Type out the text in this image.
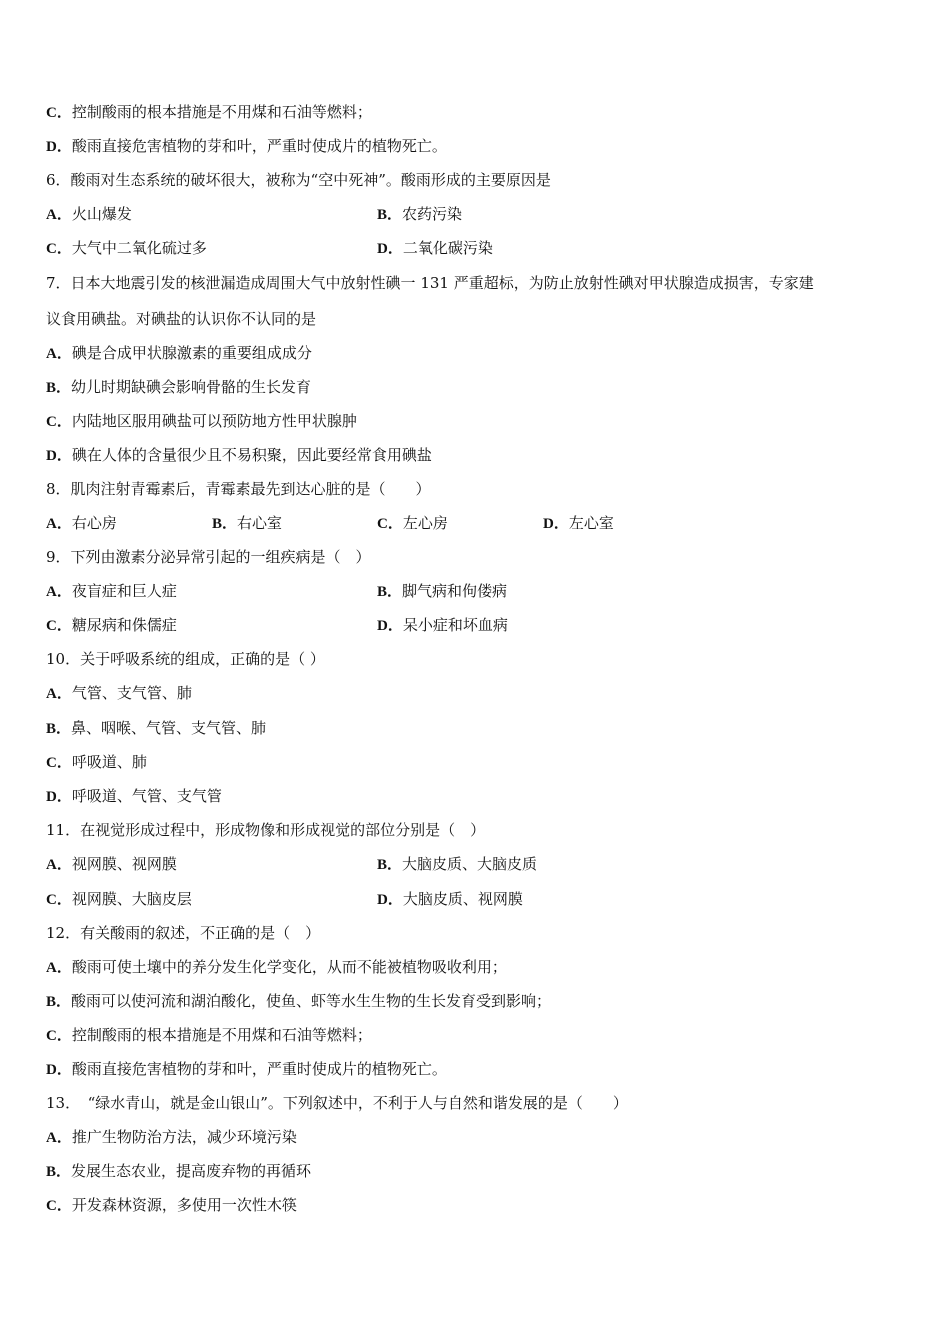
C．控制酸雨的根本措施是不用煤和石油等燃料；
D．酸雨直接危害植物的芽和叶，严重时使成片的植物死亡。
6．酸雨对生态系统的破坏很大，被称为“空中死神”。酸雨形成的主要原因是
A．火山爆发	B．农药污染
C．大气中二氧化硫过多	D．二氧化碳污染
7．日本大地震引发的核泄漏造成周围大气中放射性碘一 131 严重超标，为防止放射性碘对甲状腺造成损害，专家建
议食用碘盐。对碘盐的认识你不认同的是
A．碘是合成甲状腺激素的重要组成成分
B．幼儿时期缺碘会影响骨骼的生长发育
C．内陆地区服用碘盐可以预防地方性甲状腺肿
D．碘在人体的含量很少且不易积聚，因此要经常食用碘盐
8．肌肉注射青霉素后，青霉素最先到达心脏的是（　　）
A．右心房	B．右心室	C．左心房	D．左心室
9．下列由激素分泌异常引起的一组疾病是（　）
A．夜盲症和巨人症	B．脚气病和佝偻病
C．糖尿病和侏儒症	D．呆小症和坏血病
10．关于呼吸系统的组成，正确的是（ ）
A．气管、支气管、肺
B．鼻、咽喉、气管、支气管、肺
C．呼吸道、肺
D．呼吸道、气管、支气管
11．在视觉形成过程中，形成物像和形成视觉的部位分别是（　）
A．视网膜、视网膜	B．大脑皮质、大脑皮质
C．视网膜、大脑皮层	D．大脑皮质、视网膜
12．有关酸雨的叙述，不正确的是（　）
A．酸雨可使土壤中的养分发生化学变化，从而不能被植物吸收利用；
B．酸雨可以使河流和湖泊酸化，使鱼、虾等水生生物的生长发育受到影响；
C．控制酸雨的根本措施是不用煤和石油等燃料；
D．酸雨直接危害植物的芽和叶，严重时使成片的植物死亡。
13．　“绿水青山，就是金山银山”。下列叙述中，不利于人与自然和谐发展的是（　　）
A．推广生物防治方法，减少环境污染
B．发展生态农业，提高废弃物的再循环
C．开发森林资源，多使用一次性木筷
